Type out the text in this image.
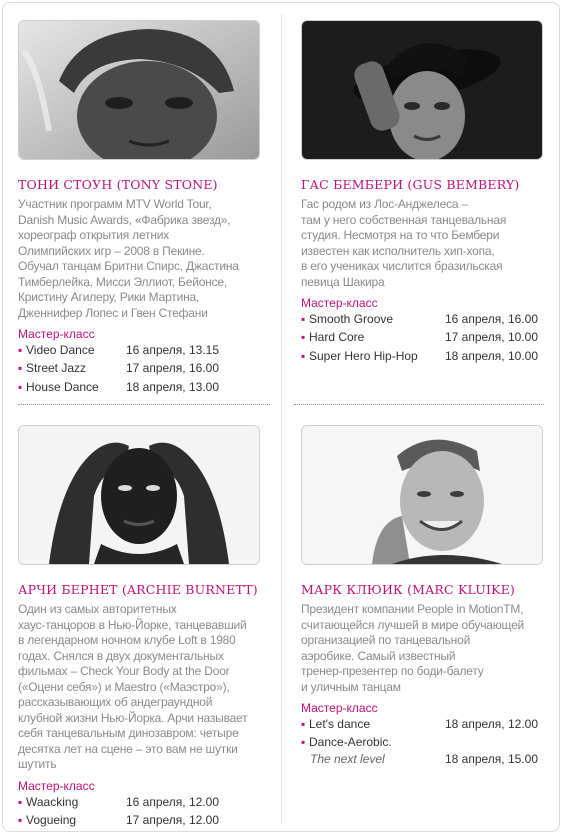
ТОНИ СТОУН (TONY STONE)
Участник программ MTV World Tour,
Danish Music Awards, «Фабрика звезд»,
хореограф открытия летних
Олимпийских игр – 2008 в Пекине.
Обучал танцам Бритни Спирс, Джастина
Тимберлейка, Мисси Эллиот, Бейонсе,
Кристину Агилеру, Рики Мартина,
Дженнифер Лопес и Гвен Стефани
Мастер-класс
▪ Video Dance	16 апреля, 13.15
▪ Street Jazz	17 апреля, 16.00
▪ House Dance 18 апреля, 13.00
ГАС БЕМБЕРИ (GUS BEMBERY)
Гас родом из Лос-Анджелеса –
там у него собственная танцевальная
студия. Несмотря на то что Бембери
известен как исполнитель хип-хопа,
в его учениках числится бразильская
певица Шакира
Мастер-класс
▪ Smooth Groove	16 апреля, 16.00
▪ Hard Core	17 апреля, 10.00
▪ Super Hero Hip-Hop 18 апреля, 10.00
АРЧИ БЕРНЕТ (ARCHIE BURNETT)
Один из самых авторитетных
хаус-танцоров в Нью-Йорке, танцевавший
в легендарном ночном клубе Loft в 1980
годах. Снялся в двух документальных
фильмах – Check Your Body at the Door
(«Оцени себя») и Maestro («Маэстро»),
рассказывающих об андеграундной
клубной жизни Нью-Йорка. Арчи называет
себя танцевальным динозавром: четыре
десятка лет на сцене – это вам не шутки
шутить
Мастер-класс
▪ Waacking	16 апреля, 12.00
▪ Vogueing	17 апреля, 12.00
МАРК КЛЮИК (MARC KLUIKE)
Президент компании People in MotionTM,
считающейся лучшей в мире обучающей
организацией по танцевальной
аэробике. Самый известный
тренер-презентер по боди-балету
и уличным танцам
Мастер-класс
▪ Let's dance	18 апреля, 12.00
▪ Dance-Aerobic.
The next level	18 апреля, 15.00
